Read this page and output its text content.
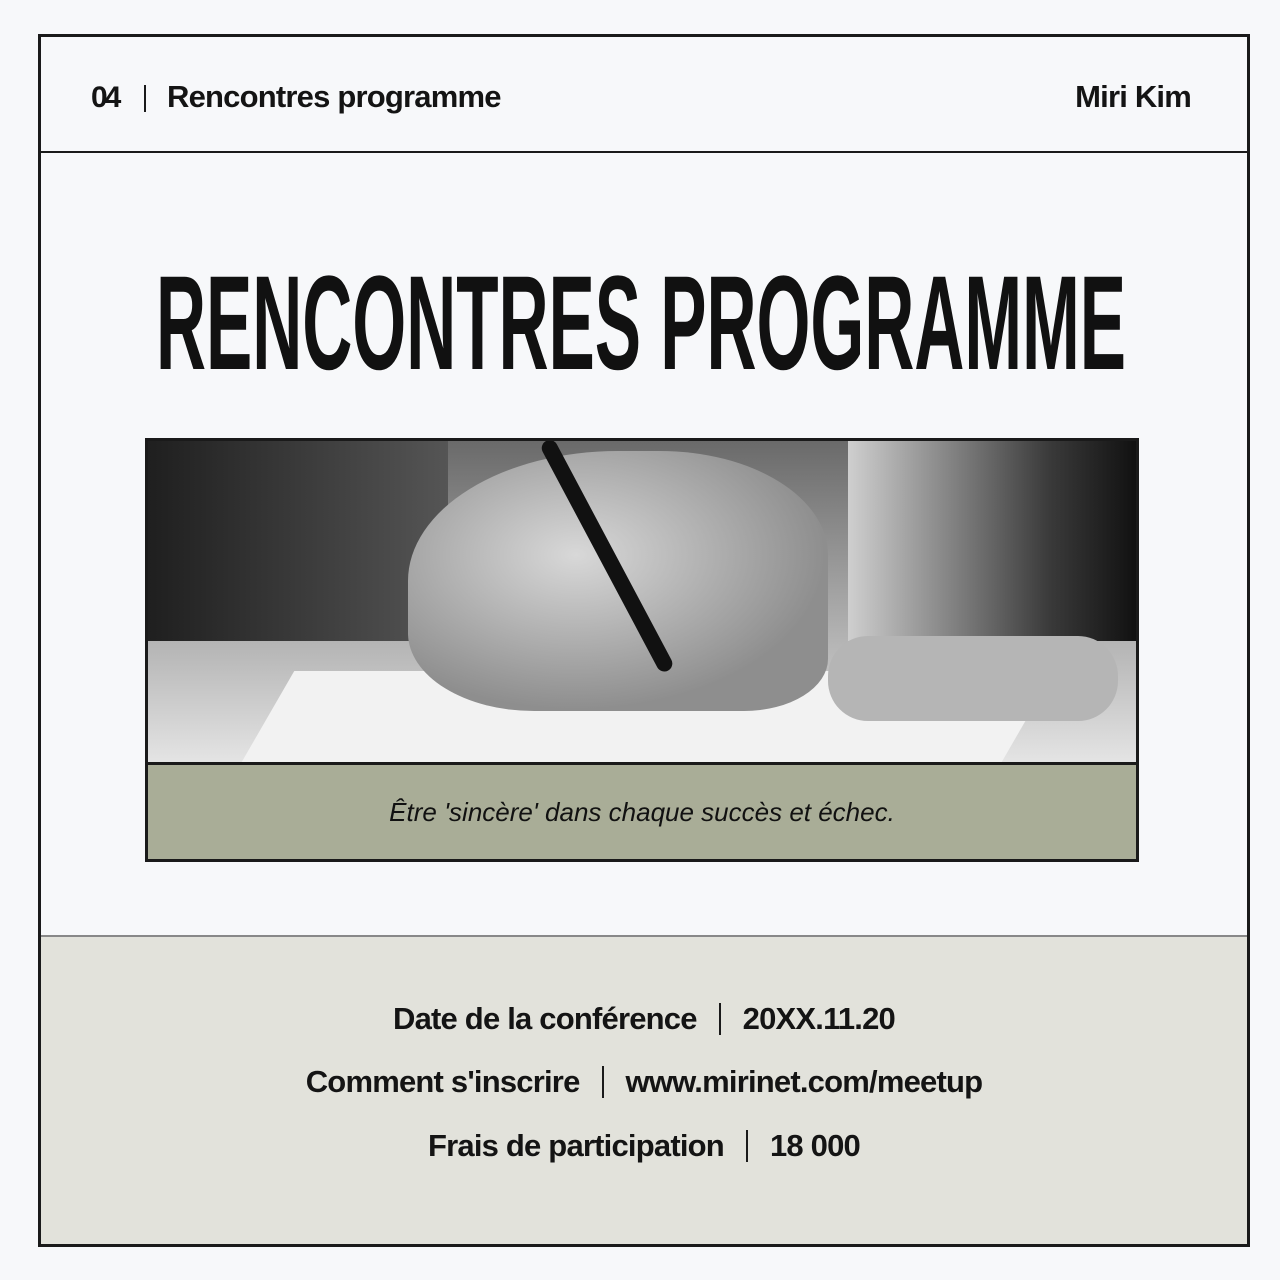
04 Rencontres programme	Miri Kim
RENCONTRES PROGRAMME
Être 'sincère' dans chaque succès et échec.
Date de la conférence 20XX.11.20
Comment s'inscrire www.mirinet.com/meetup
Frais de participation 18 000
